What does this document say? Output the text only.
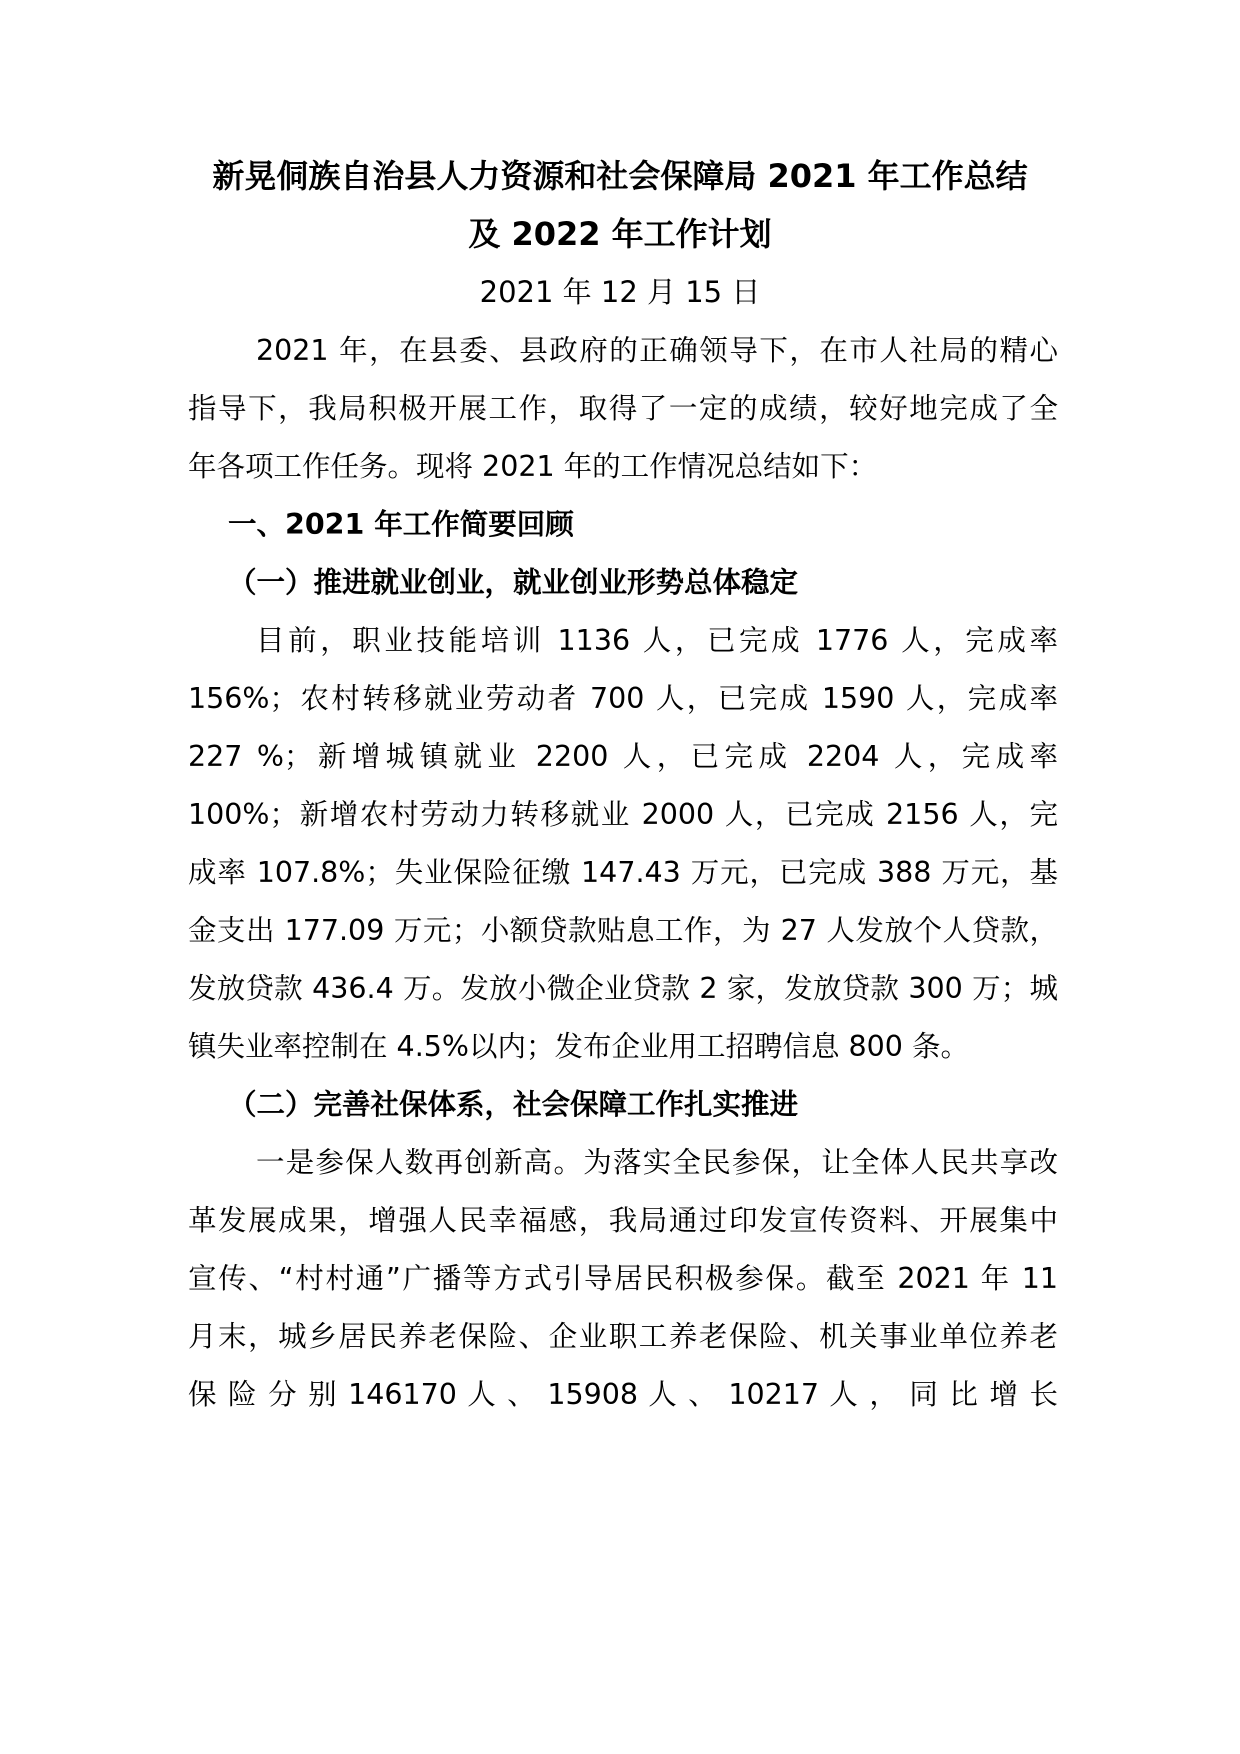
新晃侗族自治县人力资源和社会保障局 2021 年工作总结
及 2022 年工作计划
2021 年 12 月 15 日
2021 年，在县委、县政府的正确领导下，在市人社局的精心
指导下，我局积极开展工作，取得了一定的成绩，较好地完成了全
年各项工作任务。现将 2021 年的工作情况总结如下：
一、2021 年工作简要回顾
（一）推进就业创业，就业创业形势总体稳定
目前，职业技能培训 1136 人，已完成 1776 人，完成率
156%；农村转移就业劳动者 700 人，已完成 1590 人，完成率
227 %；新增城镇就业 2200 人，已完成 2204 人，完成率
100%；新增农村劳动力转移就业 2000 人，已完成 2156 人，完
成率 107.8%；失业保险征缴 147.43 万元，已完成 388 万元，基
金支出 177.09 万元；小额贷款贴息工作，为 27 人发放个人贷款，
发放贷款 436.4 万。发放小微企业贷款 2 家，发放贷款 300 万；城
镇失业率控制在 4.5%以内；发布企业用工招聘信息 800 条。
（二）完善社保体系，社会保障工作扎实推进
一是参保人数再创新高。为落实全民参保，让全体人民共享改
革发展成果，增强人民幸福感，我局通过印发宣传资料、开展集中
宣传、“村村通”广播等方式引导居民积极参保。截至 2021 年 11
月末，城乡居民养老保险、企业职工养老保险、机关事业单位养老
保 险 分 别 146170 人 、 15908 人 、 10217 人 ， 同 比 增 长
